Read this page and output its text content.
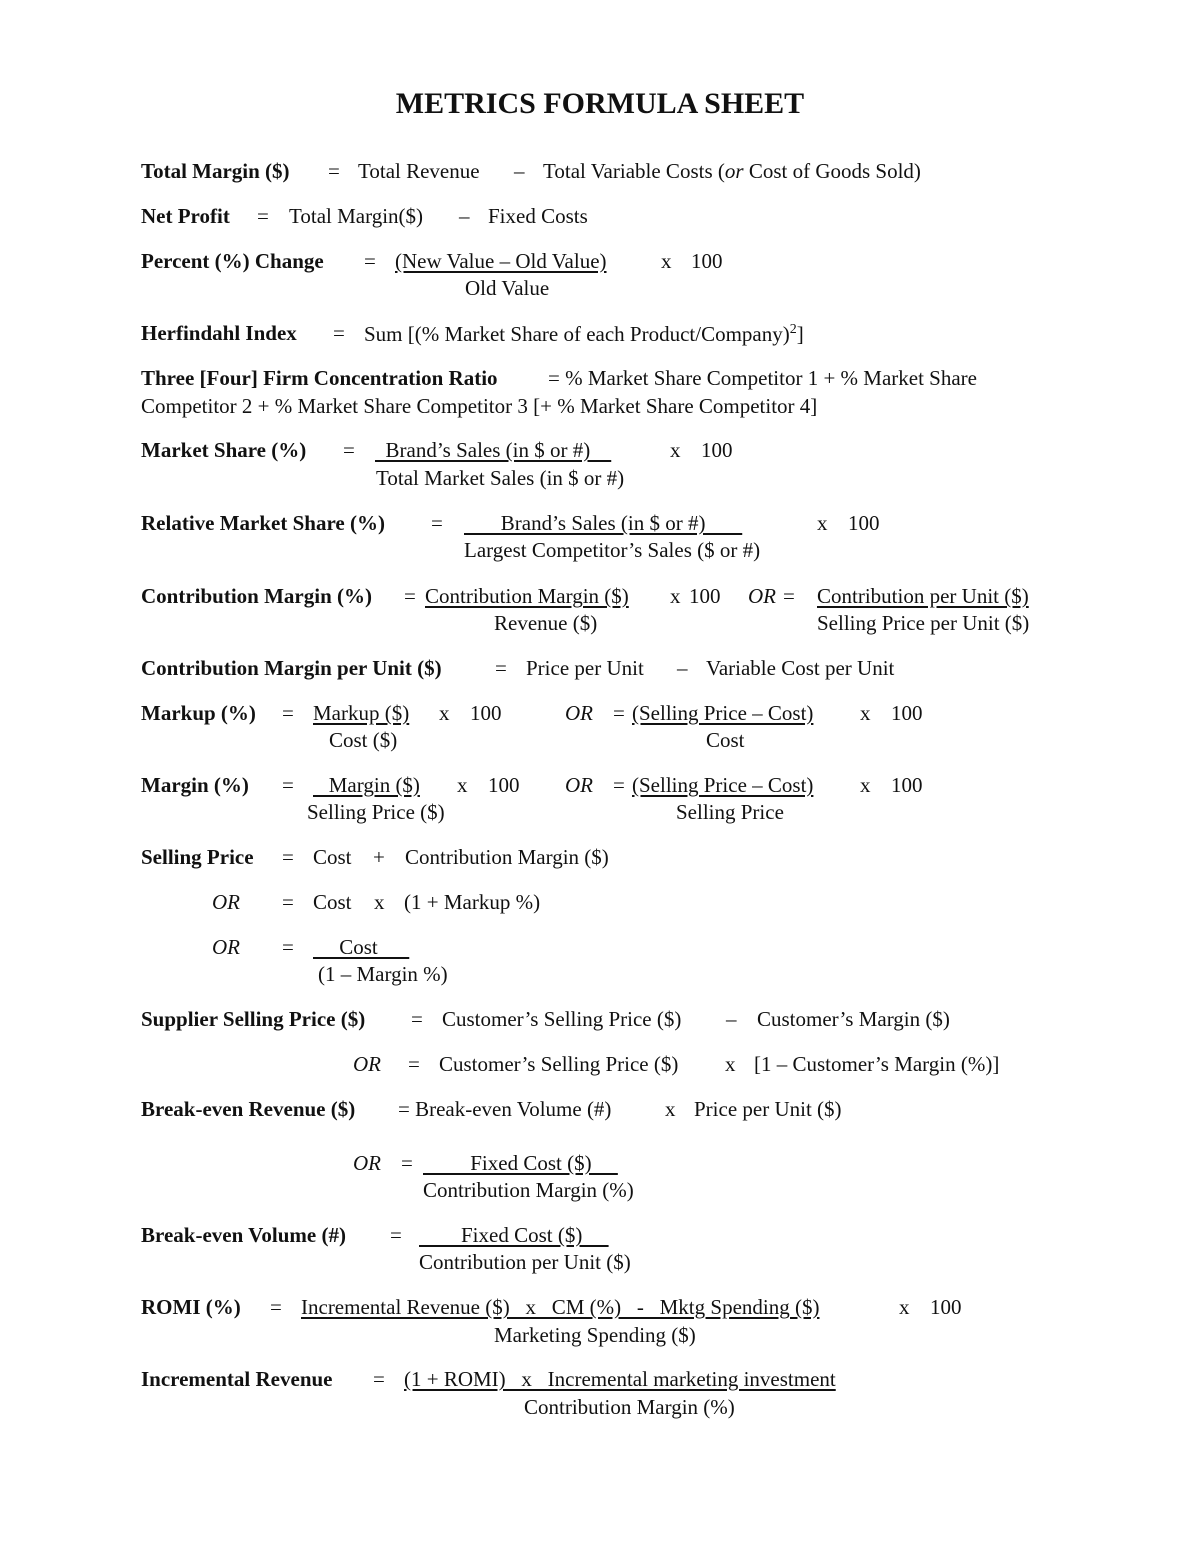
METRICS FORMULA SHEET
Total Margin ($) = Total Revenue – Total Variable Costs (or Cost of Goods Sold)
Net Profit = Total Margin($) – Fixed Costs
Percent (%) Change = (New Value – Old Value)	x 100
Old Value
Herfindahl Index = Sum [(% Market Share of each Product/Company)$^2$]
Three [Four] Firm Concentration Ratio = % Market Share Competitor 1 + % Market Share
Competitor 2 + % Market Share Competitor 3 [+ % Market Share Competitor 4]
Market Share (%) = Brand’s Sales (in $ or #)	x 100
Total Market Sales (in $ or #)
Relative Market Share (%) = Brand’s Sales (in $ or #)	x 100
Largest Competitor’s Sales ($ or #)
Contribution Margin (%) = Contribution Margin ($) x 100 OR = Contribution per Unit ($)
Revenue ($)	Selling Price per Unit ($)
Contribution Margin per Unit ($)	= Price per Unit – Variable Cost per Unit
Markup (%) = Markup ($) x 100	OR = (Selling Price – Cost) x 100
Cost ($)	Cost
Margin (%) = Margin ($) x 100 OR = (Selling Price – Cost) x 100
Selling Price ($)	Selling Price
Selling Price = Cost + Contribution Margin ($)
OR = Cost x (1 + Markup %)
OR = Cost
(1 – Margin %)
Supplier Selling Price ($) = Customer’s Selling Price ($) – Customer’s Margin ($)
OR = Customer’s Selling Price ($) x [1 – Customer’s Margin (%)]
Break-even Revenue ($) = Break-even Volume (#)	x Price per Unit ($)
OR = Fixed Cost ($)
Contribution Margin (%)
Break-even Volume (#) = Fixed Cost ($)
Contribution per Unit ($)
ROMI (%) = Incremental Revenue ($)   x   CM (%)   -   Mktg Spending ($)	x 100
Marketing Spending ($)
Incremental Revenue = (1 + ROMI)   x   Incremental marketing investment
Contribution Margin (%)
